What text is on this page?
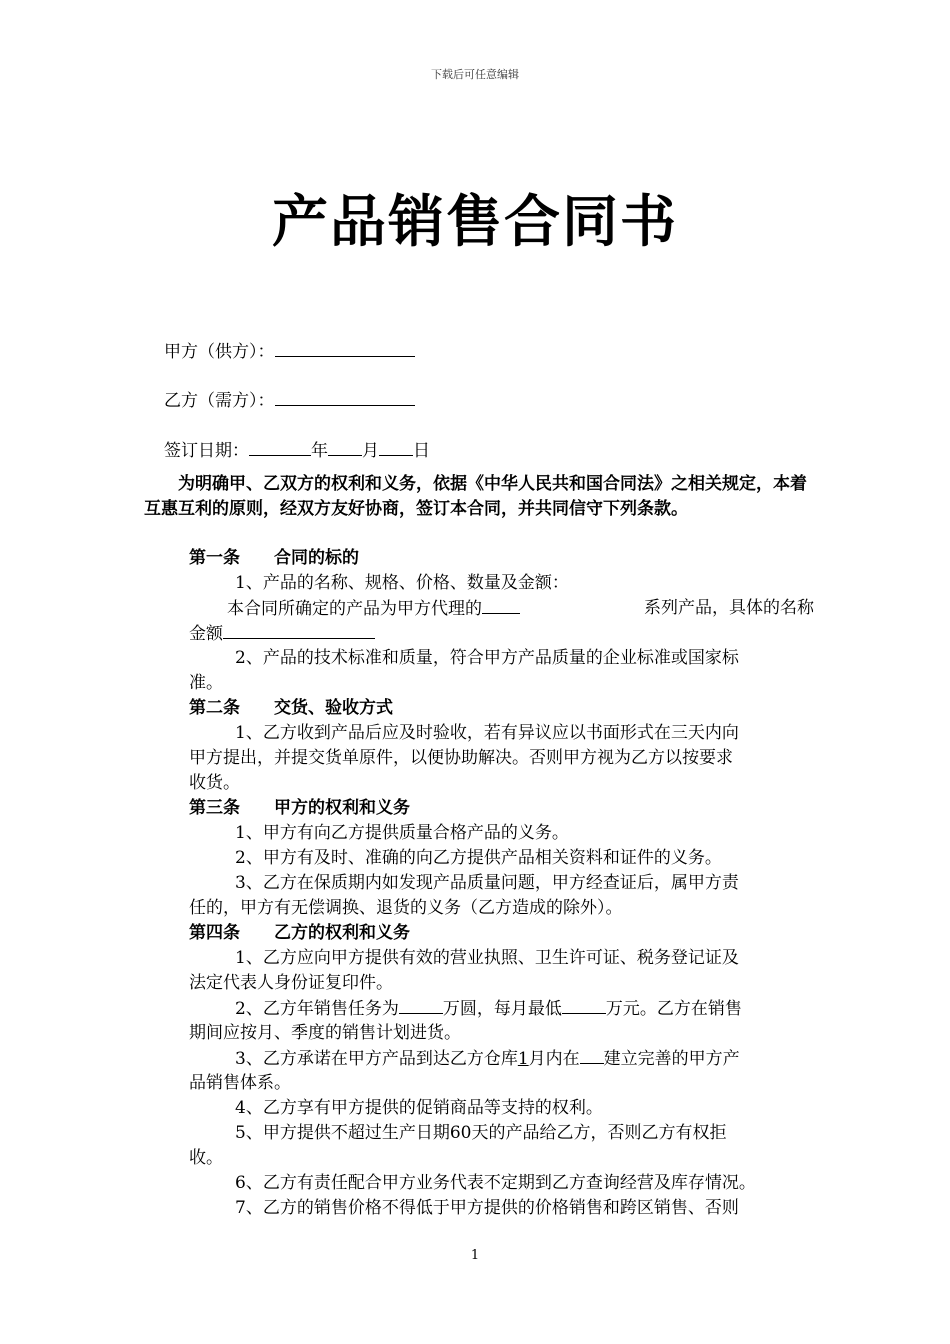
下载后可任意编辑
产品销售合同书
甲方（供方）：
乙方（需方）：
签订日期：	年 月 日
为明确甲、乙双方的权利和义务，依据《中华人民共和国合同法》之相关规定，本着互惠互利的原则，经双方友好协商，签订本合同，并共同信守下列条款。
第一条 合同的标的
1、产品的名称、规格、价格、数量及金额：
本合同所确定的产品为甲方代理的	系列产品，具体的名称
金额
2、产品的技术标准和质量，符合甲方产品质量的企业标准或国家标
准。
第二条 交货、验收方式
1、乙方收到产品后应及时验收，若有异议应以书面形式在三天内向
甲方提出，并提交货单原件，以便协助解决。否则甲方视为乙方以按要求
收货。
第三条 甲方的权利和义务
1、甲方有向乙方提供质量合格产品的义务。
2、甲方有及时、准确的向乙方提供产品相关资料和证件的义务。
3、乙方在保质期内如发现产品质量问题，甲方经查证后，属甲方责
任的，甲方有无偿调换、退货的义务（乙方造成的除外）。
第四条 乙方的权利和义务
1、乙方应向甲方提供有效的营业执照、卫生许可证、税务登记证及
法定代表人身份证复印件。
2、乙方年销售任务为	万圆，每月最低	万元。乙方在销售
期间应按月、季度的销售计划进货。
3、乙方承诺在甲方产品到达乙方仓库1月内在 建立完善的甲方产
品销售体系。
4、乙方享有甲方提供的促销商品等支持的权利。
5、甲方提供不超过生产日期60天的产品给乙方，否则乙方有权拒
收。
6、乙方有责任配合甲方业务代表不定期到乙方查询经营及库存情况。
7、乙方的销售价格不得低于甲方提供的价格销售和跨区销售、否则
1
